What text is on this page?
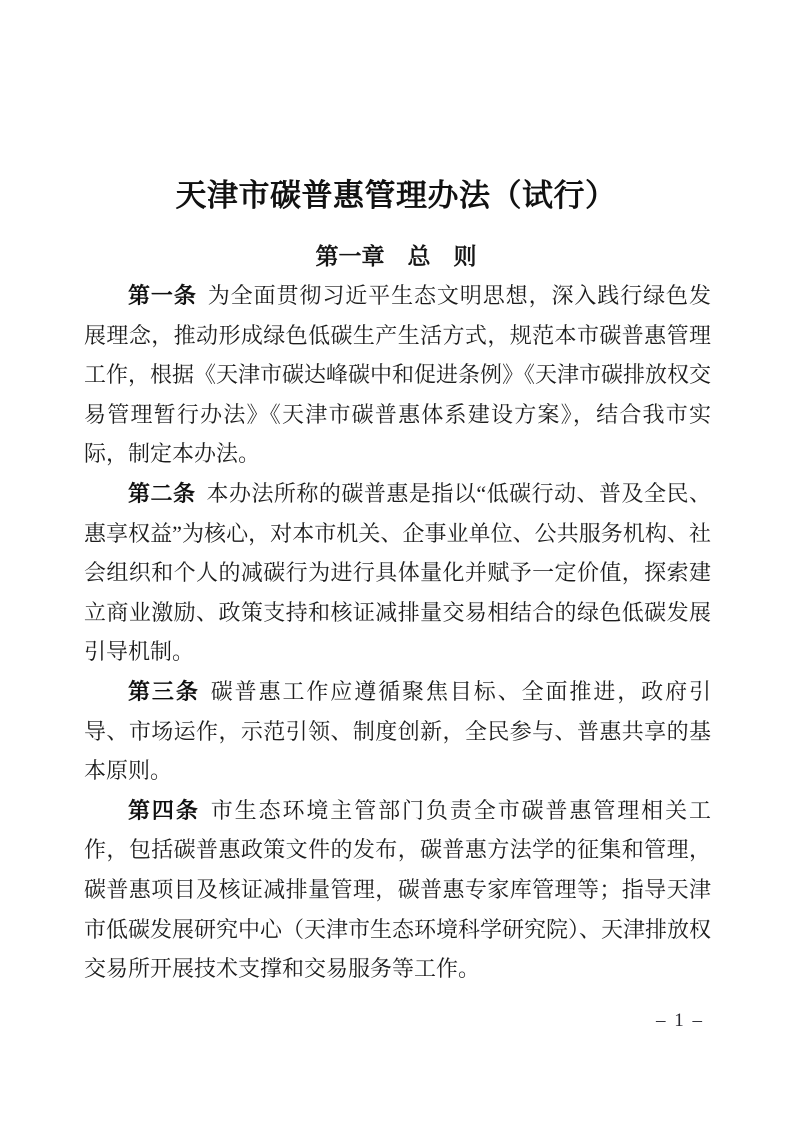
天津市碳普惠管理办法（试行）
第一章　总　则

第一条 为全面贯彻习近平生态文明思想，深入践行绿色发展理念，推动形成绿色低碳生产生活方式，规范本市碳普惠管理工作，根据《天津市碳达峰碳中和促进条例》《天津市碳排放权交易管理暂行办法》《天津市碳普惠体系建设方案》，结合我市实际，制定本办法。

第二条 本办法所称的碳普惠是指以“低碳行动、普及全民、惠享权益”为核心，对本市机关、企事业单位、公共服务机构、社会组织和个人的减碳行为进行具体量化并赋予一定价值，探索建立商业激励、政策支持和核证减排量交易相结合的绿色低碳发展引导机制。

第三条 碳普惠工作应遵循聚焦目标、全面推进，政府引导、市场运作，示范引领、制度创新，全民参与、普惠共享的基本原则。

第四条 市生态环境主管部门负责全市碳普惠管理相关工作，包括碳普惠政策文件的发布，碳普惠方法学的征集和管理，碳普惠项目及核证减排量管理，碳普惠专家库管理等；指导天津市低碳发展研究中心（天津市生态环境科学研究院）、天津排放权交易所开展技术支撑和交易服务等工作。

– 1 –
